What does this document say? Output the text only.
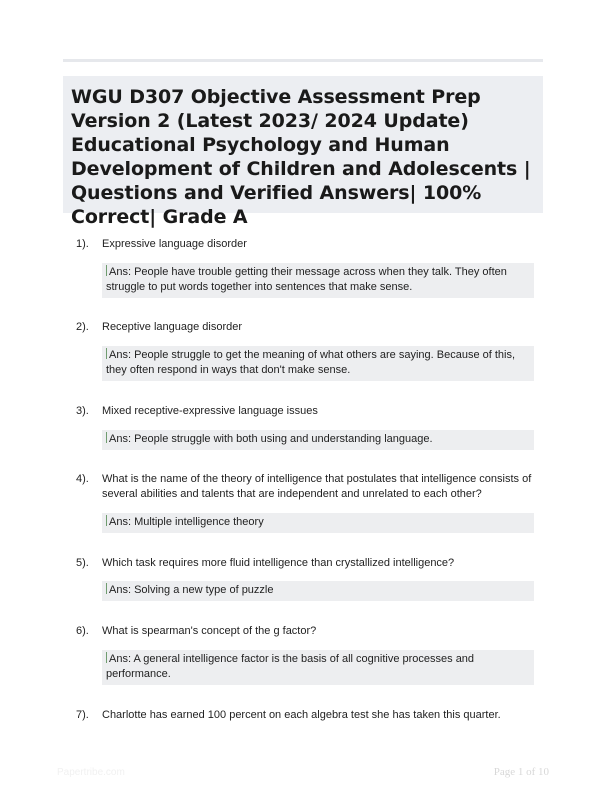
WGU D307 Objective Assessment Prep Version 2 (Latest 2023/ 2024 Update) Educational Psychology and Human Development of Children and Adolescents | Questions and Verified Answers| 100% Correct| Grade A
1). Expressive language disorder
Ans: People have trouble getting their message across when they talk. They often struggle to put words together into sentences that make sense.
2). Receptive language disorder
Ans: People struggle to get the meaning of what others are saying. Because of this, they often respond in ways that don't make sense.
3). Mixed receptive-expressive language issues
Ans: People struggle with both using and understanding language.
4). What is the name of the theory of intelligence that postulates that intelligence consists of several abilities and talents that are independent and unrelated to each other?
Ans: Multiple intelligence theory
5). Which task requires more fluid intelligence than crystallized intelligence?
Ans: Solving a new type of puzzle
6). What is spearman's concept of the g factor?
Ans: A general intelligence factor is the basis of all cognitive processes and performance.
7). Charlotte has earned 100 percent on each algebra test she has taken this quarter.
Papertribe.com	Page 1 of 10
